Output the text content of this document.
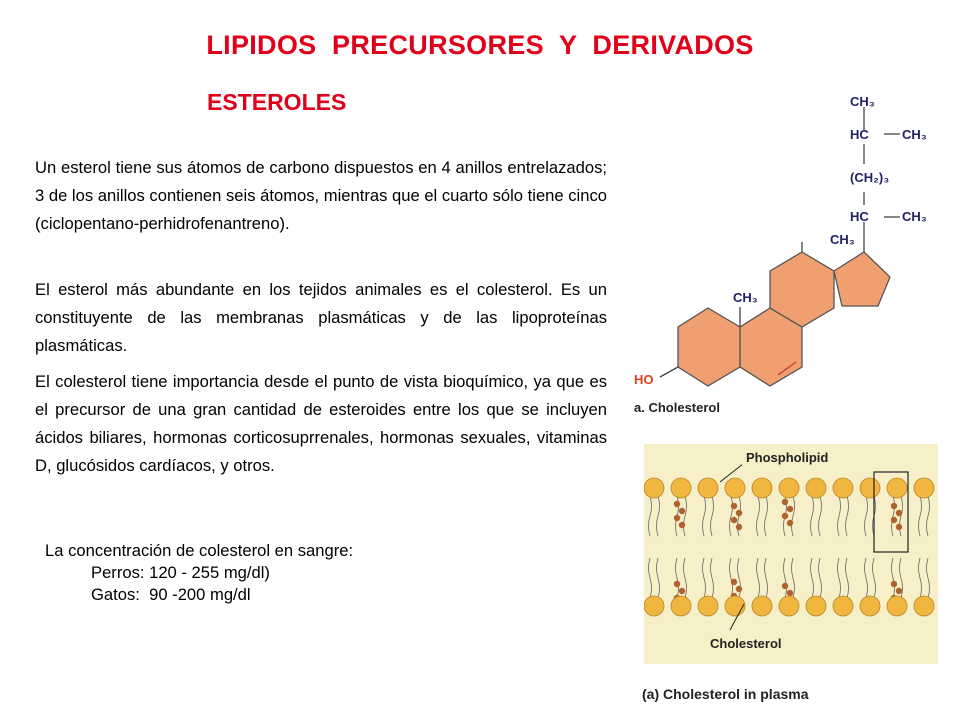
LIPIDOS  PRECURSORES  Y  DERIVADOS
ESTEROLES

Un esterol tiene sus átomos de carbono dispuestos en 4 anillos entrelazados; 3 de los anillos contienen seis átomos, mientras que el cuarto sólo tiene cinco (ciclopentano-perhidrofenantreno).

El esterol más abundante en los tejidos animales es el colesterol. Es un constituyente de las membranas plasmáticas y de las lipoproteínas plasmáticas.

El colesterol tiene importancia desde el punto de vista bioquímico, ya que es el precursor de una gran cantidad de esteroides entre los que se incluyen ácidos biliares, hormonas corticosuprrenales, hormonas sexuales, vitaminas D, glucósidos cardíacos, y otros.

La concentración de colesterol en sangre:
Perros: 120 - 255 mg/dl)
Gatos:  90 -200 mg/dl
CH₃
HC	CH₃
(CH₂)₃
HC	CH₃
CH₃
CH₃
HO
a. Cholesterol
Phospholipid
Cholesterol
(a) Cholesterol in plasma
